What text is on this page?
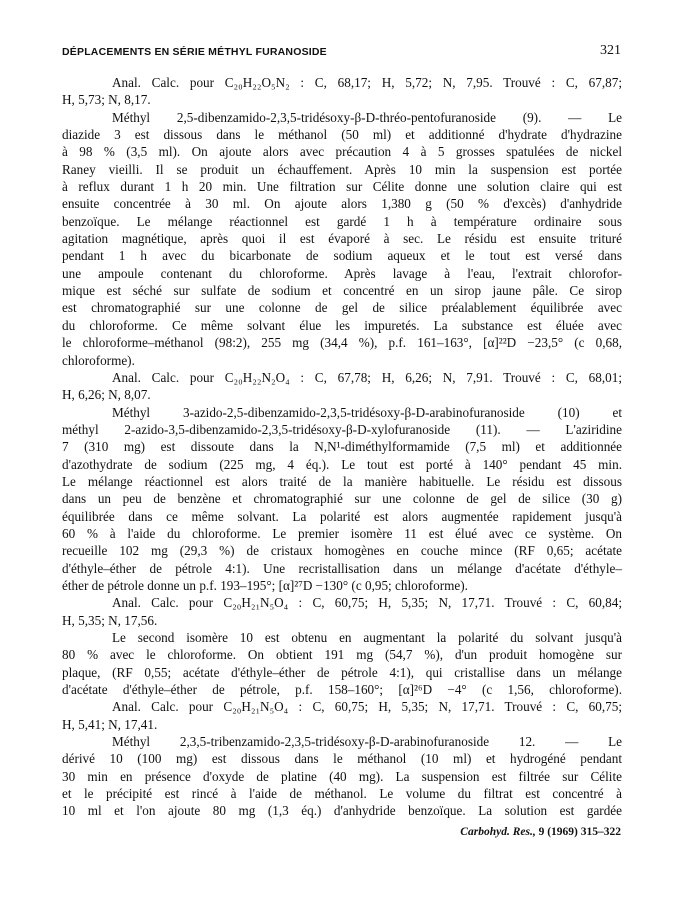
DÉPLACEMENTS EN SÉRIE MÉTHYL FURANOSIDE	321
Anal. Calc. pour C₂₀H₂₂O₅N₂ : C, 68,17; H, 5,72; N, 7,95. Trouvé : C, 67,87;
H, 5,73; N, 8,17.
Méthyl 2,5-dibenzamido-2,3,5-tridésoxy-β-D-thréo-pentofuranoside (9). — Le
diazide 3 est dissous dans le méthanol (50 ml) et additionné d'hydrate d'hydrazine
à 98 % (3,5 ml). On ajoute alors avec précaution 4 à 5 grosses spatulées de nickel
Raney vieilli. Il se produit un échauffement. Après 10 min la suspension est portée
à reflux durant 1 h 20 min. Une filtration sur Célite donne une solution claire qui est
ensuite concentrée à 30 ml. On ajoute alors 1,380 g (50 % d'excès) d'anhydride
benzoïque. Le mélange réactionnel est gardé 1 h à température ordinaire sous
agitation magnétique, après quoi il est évaporé à sec. Le résidu est ensuite trituré
pendant 1 h avec du bicarbonate de sodium aqueux et le tout est versé dans
une ampoule contenant du chloroforme. Après lavage à l'eau, l'extrait chlorofor-
mique est séché sur sulfate de sodium et concentré en un sirop jaune pâle. Ce sirop
est chromatographié sur une colonne de gel de silice préalablement équilibrée avec
du chloroforme. Ce même solvant élue les impuretés. La substance est éluée avec
le chloroforme–méthanol (98:2), 255 mg (34,4 %), p.f. 161–163°, [α]²²D −23,5° (c 0,68,
chloroforme).
Anal. Calc. pour C₂₀H₂₂N₂O₄ : C, 67,78; H, 6,26; N, 7,91. Trouvé : C, 68,01;
H, 6,26; N, 8,07.
Méthyl 3-azido-2,5-dibenzamido-2,3,5-tridésoxy-β-D-arabinofuranoside (10) et
méthyl 2-azido-3,5-dibenzamido-2,3,5-tridésoxy-β-D-xylofuranoside (11). — L'aziridine
7 (310 mg) est dissoute dans la N,N¹-diméthylformamide (7,5 ml) et additionnée
d'azothydrate de sodium (225 mg, 4 éq.). Le tout est porté à 140° pendant 45 min.
Le mélange réactionnel est alors traité de la manière habituelle. Le résidu est dissous
dans un peu de benzène et chromatographié sur une colonne de gel de silice (30 g)
équilibrée dans ce même solvant. La polarité est alors augmentée rapidement jusqu'à
60 % à l'aide du chloroforme. Le premier isomère 11 est élué avec ce système. On
recueille 102 mg (29,3 %) de cristaux homogènes en couche mince (RF 0,65; acétate
d'éthyle–éther de pétrole 4:1). Une recristallisation dans un mélange d'acétate d'éthyle–
éther de pétrole donne un p.f. 193–195°; [α]²⁷D −130° (c 0,95; chloroforme).
Anal. Calc. pour C₂₀H₂₁N₅O₄ : C, 60,75; H, 5,35; N, 17,71. Trouvé : C, 60,84;
H, 5,35; N, 17,56.
Le second isomère 10 est obtenu en augmentant la polarité du solvant jusqu'à
80 % avec le chloroforme. On obtient 191 mg (54,7 %), d'un produit homogène sur
plaque, (RF 0,55; acétate d'éthyle–éther de pétrole 4:1), qui cristallise dans un mélange
d'acétate d'éthyle–éther de pétrole, p.f. 158–160°; [α]²⁶D −4° (c 1,56, chloroforme).
Anal. Calc. pour C₂₀H₂₁N₅O₄ : C, 60,75; H, 5,35; N, 17,71. Trouvé : C, 60,75;
H, 5,41; N, 17,41.
Méthyl 2,3,5-tribenzamido-2,3,5-tridésoxy-β-D-arabinofuranoside 12. — Le
dérivé 10 (100 mg) est dissous dans le méthanol (10 ml) et hydrogéné pendant
30 min en présence d'oxyde de platine (40 mg). La suspension est filtrée sur Célite
et le précipité est rincé à l'aide de méthanol. Le volume du filtrat est concentré à
10 ml et l'on ajoute 80 mg (1,3 éq.) d'anhydride benzoïque. La solution est gardée
Carbohyd. Res., 9 (1969) 315–322
